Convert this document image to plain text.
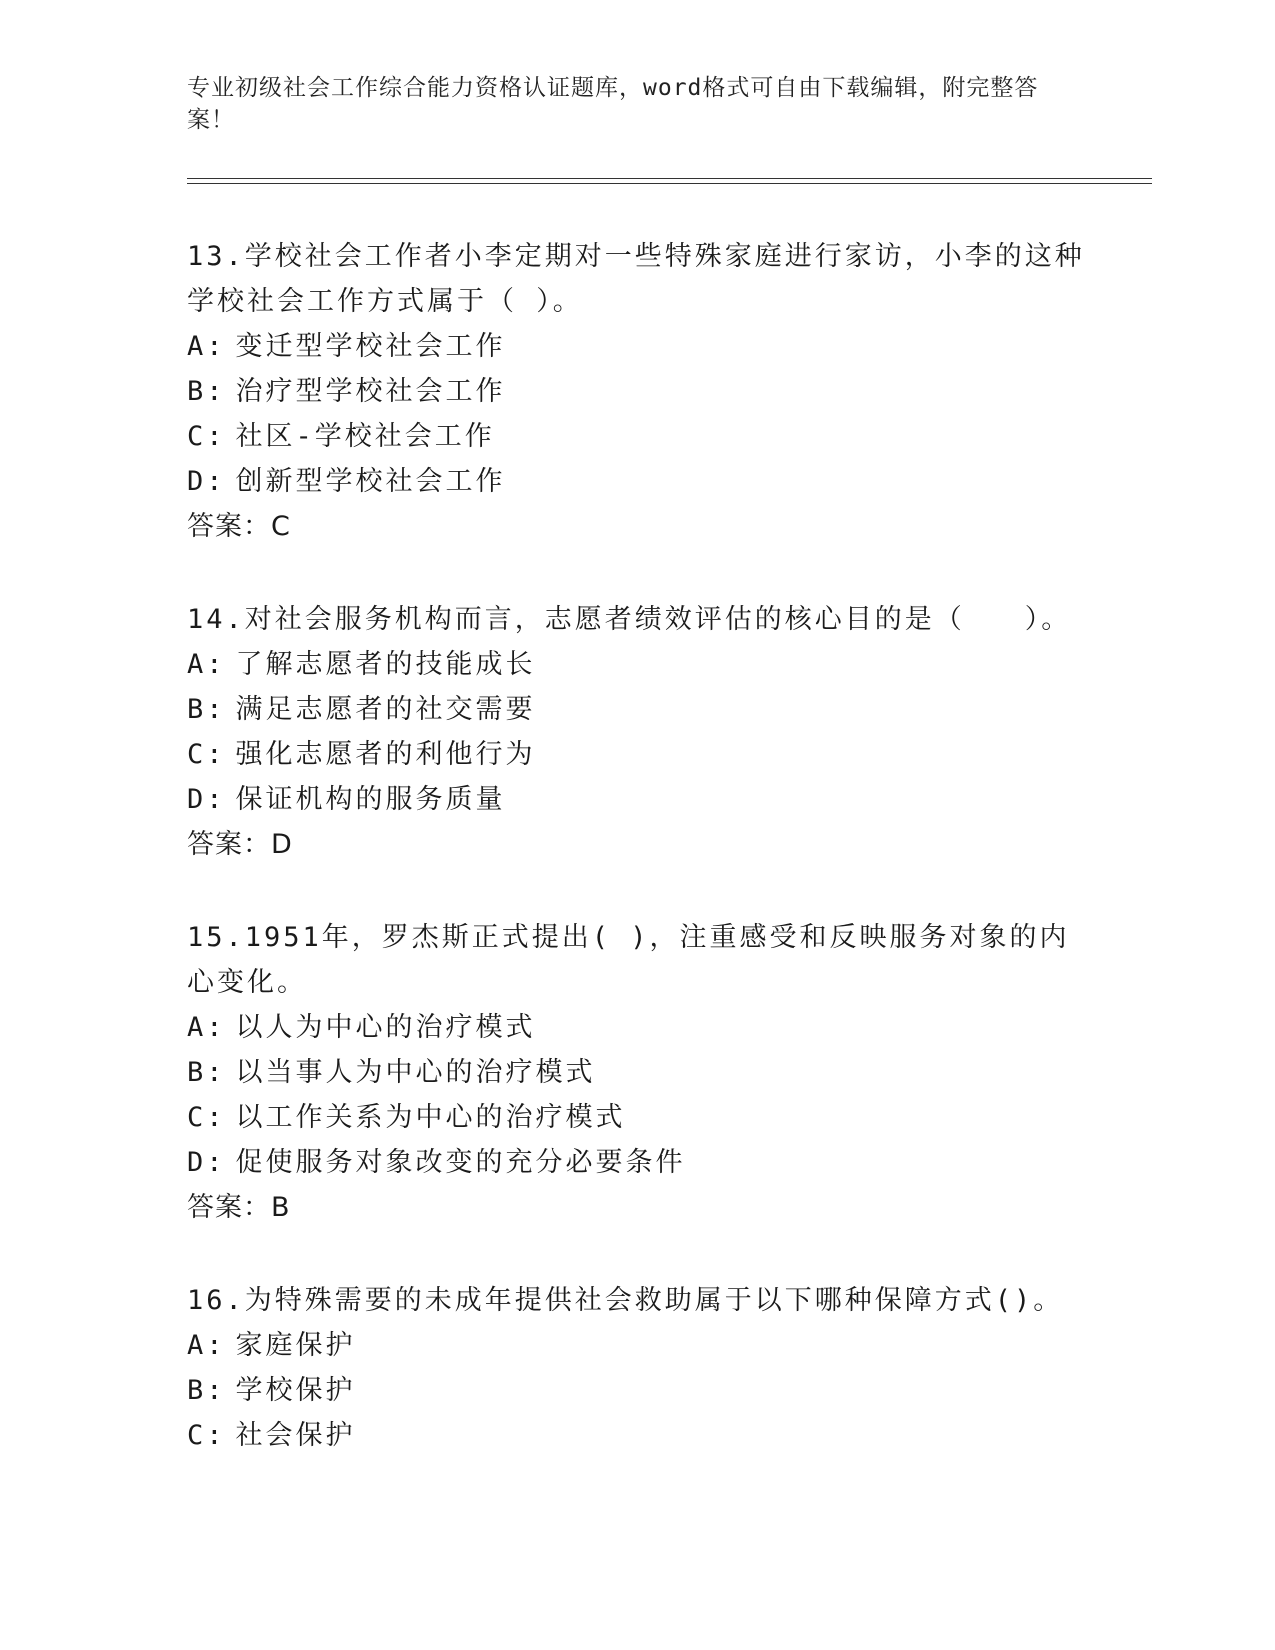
专业初级社会工作综合能力资格认证题库，word格式可自由下载编辑，附完整答案！

13.学校社会工作者小李定期对一些特殊家庭进行家访，小李的这种学校社会工作方式属于（ ）。

A: 变迁型学校社会工作

B: 治疗型学校社会工作

C: 社区-学校社会工作

D: 创新型学校社会工作

答案：C

14.对社会服务机构而言，志愿者绩效评估的核心目的是（　　）。

A: 了解志愿者的技能成长

B: 满足志愿者的社交需要

C: 强化志愿者的利他行为

D: 保证机构的服务质量

答案：D

15.1951年，罗杰斯正式提出( )，注重感受和反映服务对象的内心变化。

A: 以人为中心的治疗模式

B: 以当事人为中心的治疗模式

C: 以工作关系为中心的治疗模式

D: 促使服务对象改变的充分必要条件

答案：B

16.为特殊需要的未成年提供社会救助属于以下哪种保障方式()。

A: 家庭保护

B: 学校保护

C: 社会保护
